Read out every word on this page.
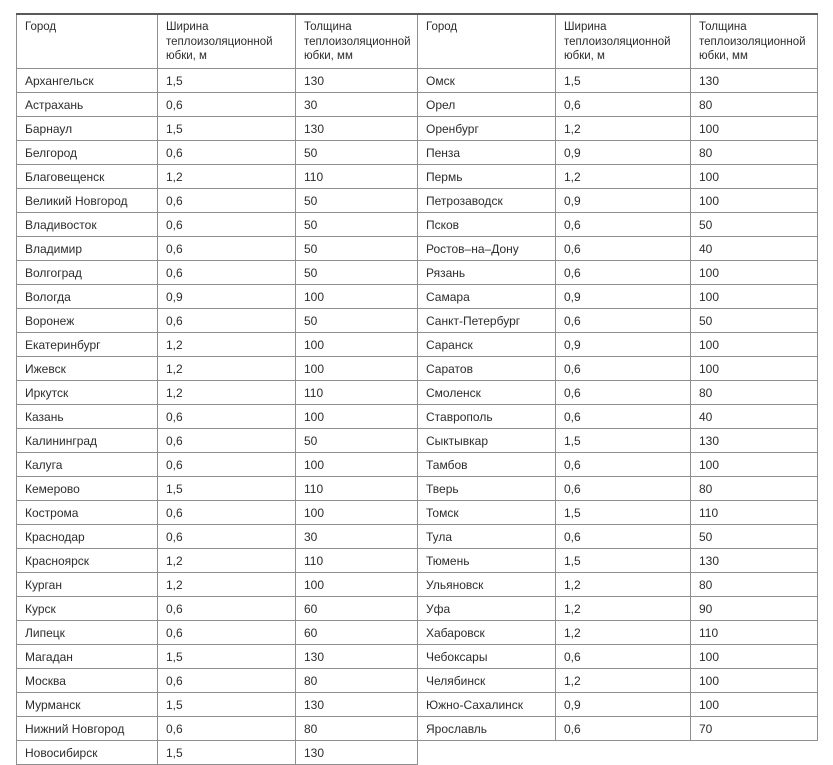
Город	Ширина теплоизоляционной юбки, м	Толщина теплоизоляционной юбки, мм
Архангельск	1,5	130
Астрахань	0,6	30
Барнаул	1,5	130
Белгород	0,6	50
Благовещенск	1,2	110
Великий Новгород	0,6	50
Владивосток	0,6	50
Владимир	0,6	50
Волгоград	0,6	50
Вологда	0,9	100
Воронеж	0,6	50
Екатеринбург	1,2	100
Ижевск	1,2	100
Иркутск	1,2	110
Казань	0,6	100
Калининград	0,6	50
Калуга	0,6	100
Кемерово	1,5	110
Кострома	0,6	100
Краснодар	0,6	30
Красноярск	1,2	110
Курган	1,2	100
Курск	0,6	60
Липецк	0,6	60
Магадан	1,5	130
Москва	0,6	80
Мурманск	1,5	130
Нижний Новгород	0,6	80
Новосибирск	1,5	130
Город	Ширина теплоизоляционной юбки, м	Толщина теплоизоляционной юбки, мм
Омск	1,5	130
Орел	0,6	80
Оренбург	1,2	100
Пенза	0,9	80
Пермь	1,2	100
Петрозаводск	0,9	100
Псков	0,6	50
Ростов–на–Дону	0,6	40
Рязань	0,6	100
Самара	0,9	100
Санкт-Петербург	0,6	50
Саранск	0,9	100
Саратов	0,6	100
Смоленск	0,6	80
Ставрополь	0,6	40
Сыктывкар	1,5	130
Тамбов	0,6	100
Тверь	0,6	80
Томск	1,5	110
Тула	0,6	50
Тюмень	1,5	130
Ульяновск	1,2	80
Уфа	1,2	90
Хабаровск	1,2	110
Чебоксары	0,6	100
Челябинск	1,2	100
Южно-Сахалинск	0,9	100
Ярославль	0,6	70
